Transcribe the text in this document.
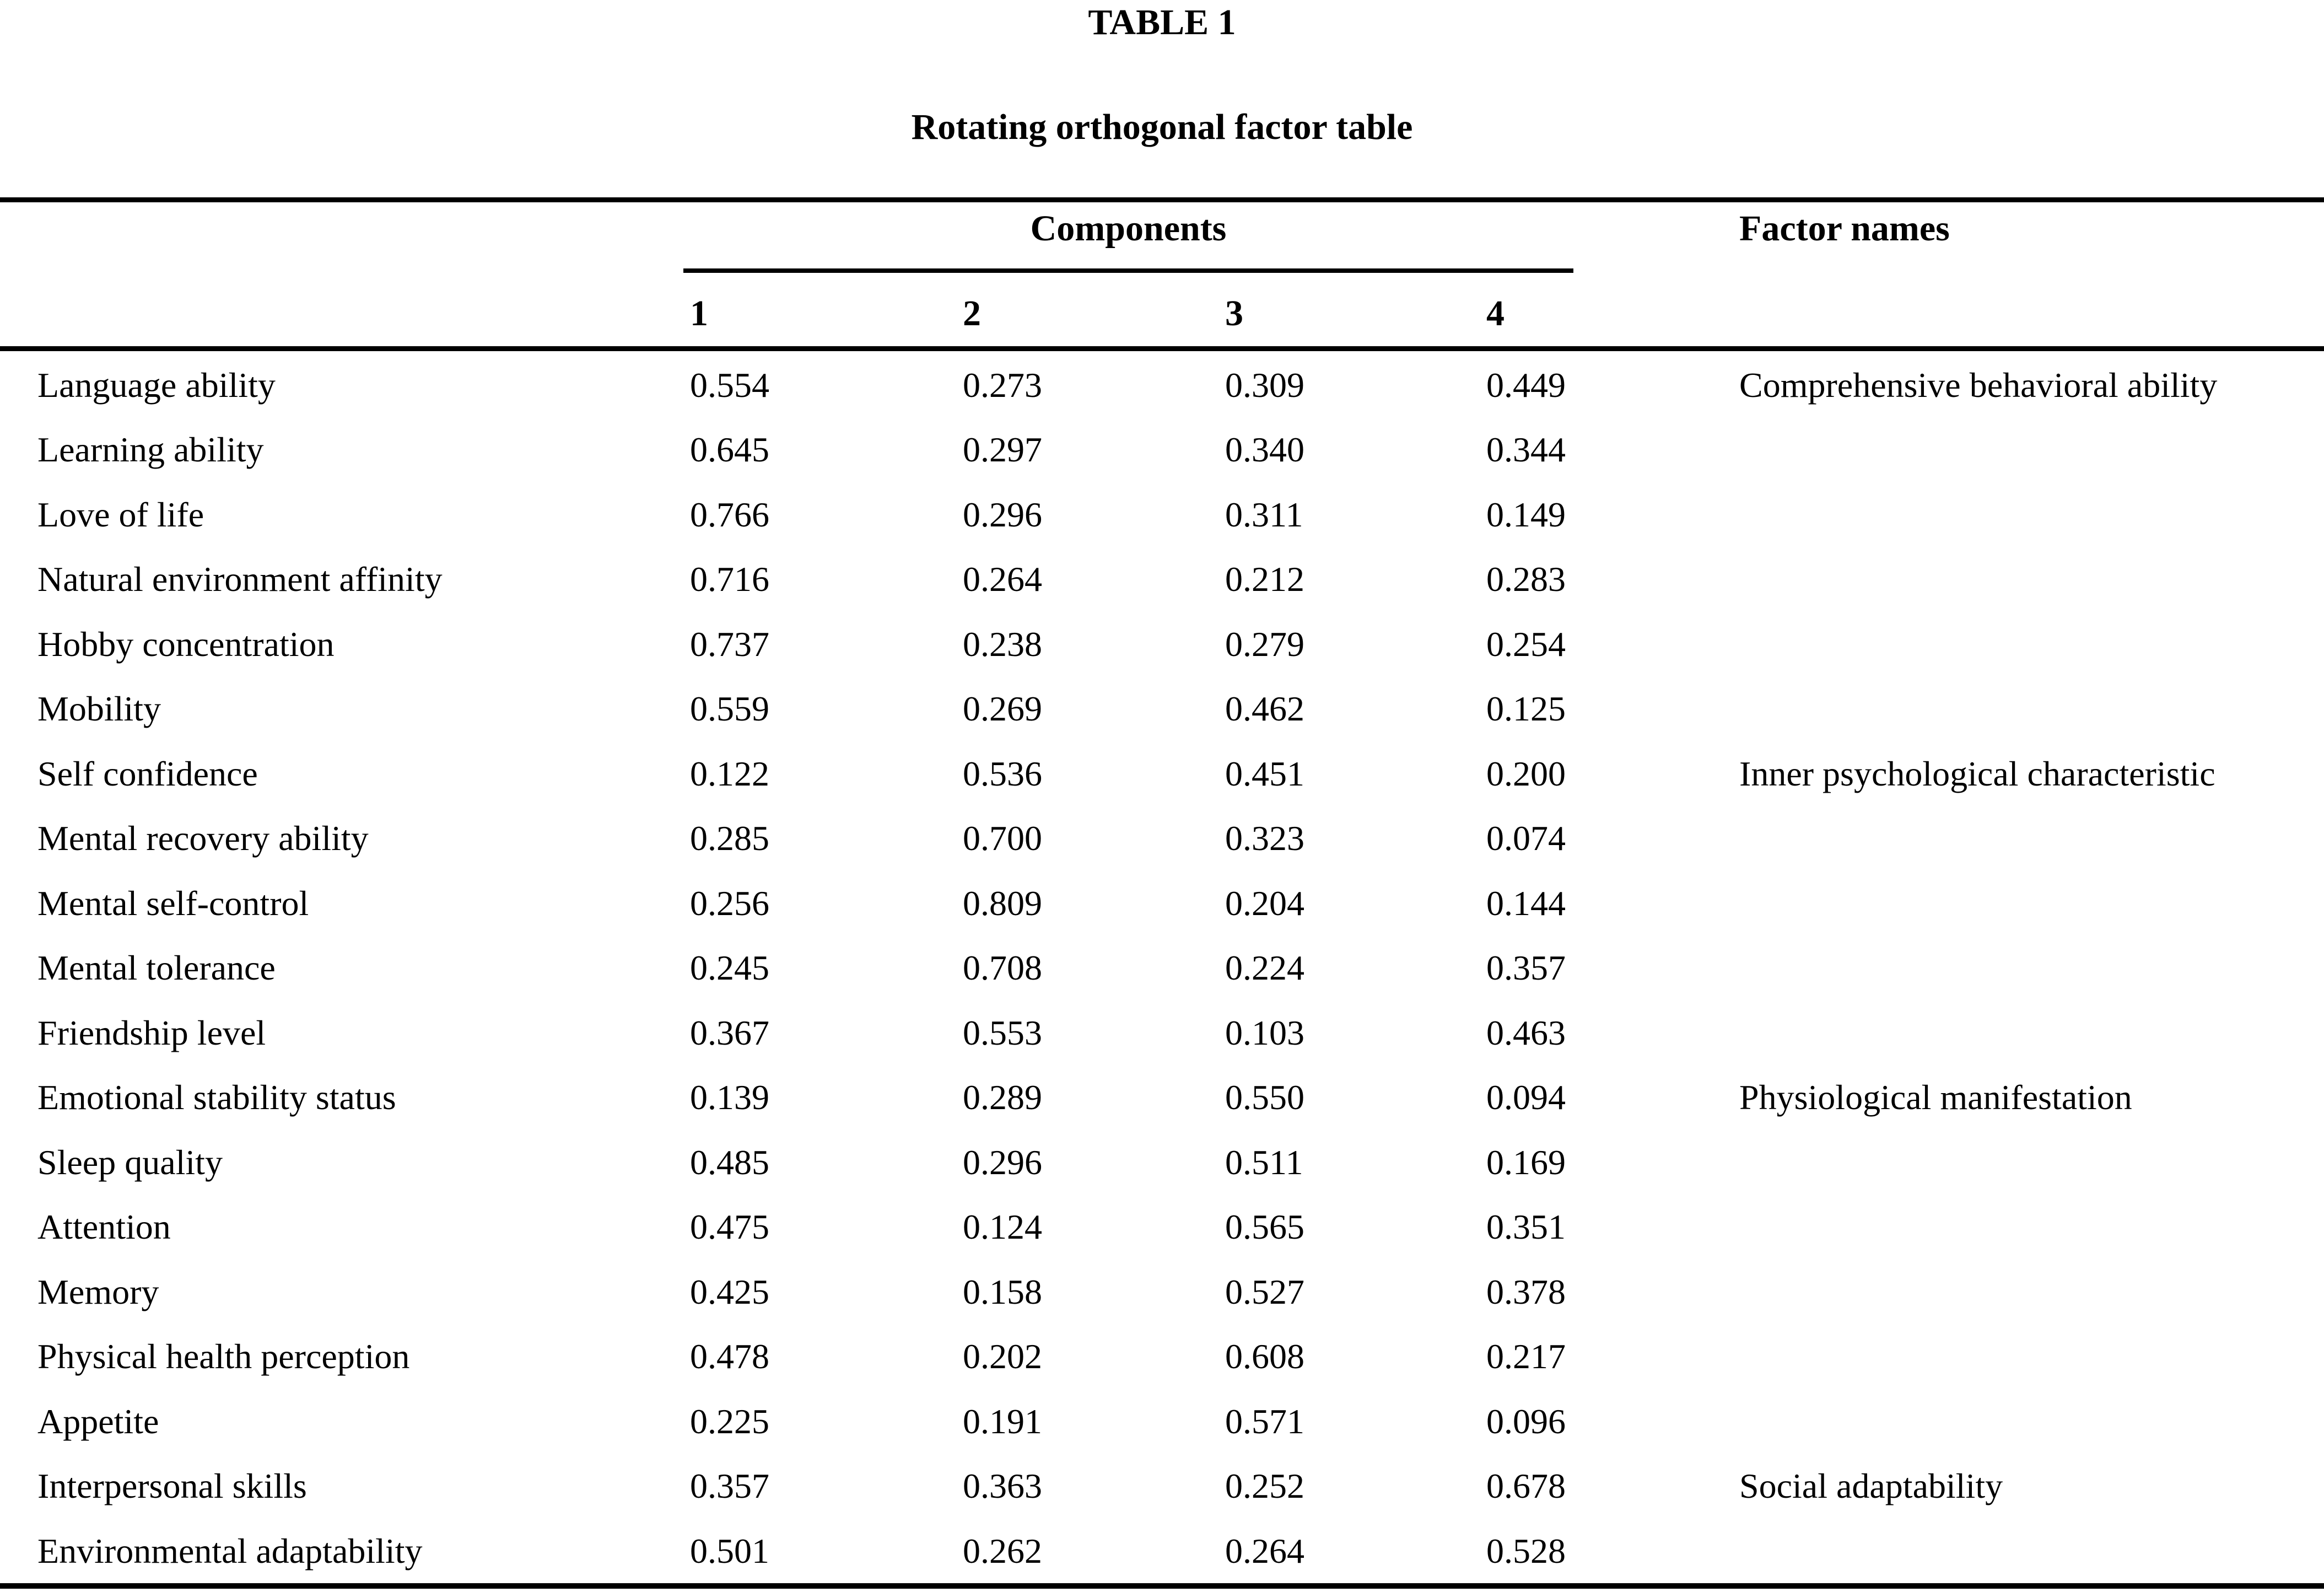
TABLE 1
Rotating orthogonal factor table
Components	Factor names
1	2	3	4
Language ability	0.554	0.273	0.309	0.449	Comprehensive behavioral ability
Learning ability	0.645	0.297	0.340	0.344
Love of life	0.766	0.296	0.311	0.149
Natural environment affinity	0.716	0.264	0.212	0.283
Hobby concentration	0.737	0.238	0.279	0.254
Mobility	0.559	0.269	0.462	0.125
Self confidence	0.122	0.536	0.451	0.200	Inner psychological characteristic
Mental recovery ability	0.285	0.700	0.323	0.074
Mental self-control	0.256	0.809	0.204	0.144
Mental tolerance	0.245	0.708	0.224	0.357
Friendship level	0.367	0.553	0.103	0.463
Emotional stability status	0.139	0.289	0.550	0.094	Physiological manifestation
Sleep quality	0.485	0.296	0.511	0.169
Attention	0.475	0.124	0.565	0.351
Memory	0.425	0.158	0.527	0.378
Physical health perception	0.478	0.202	0.608	0.217
Appetite	0.225	0.191	0.571	0.096
Interpersonal skills	0.357	0.363	0.252	0.678	Social adaptability
Environmental adaptability	0.501	0.262	0.264	0.528
